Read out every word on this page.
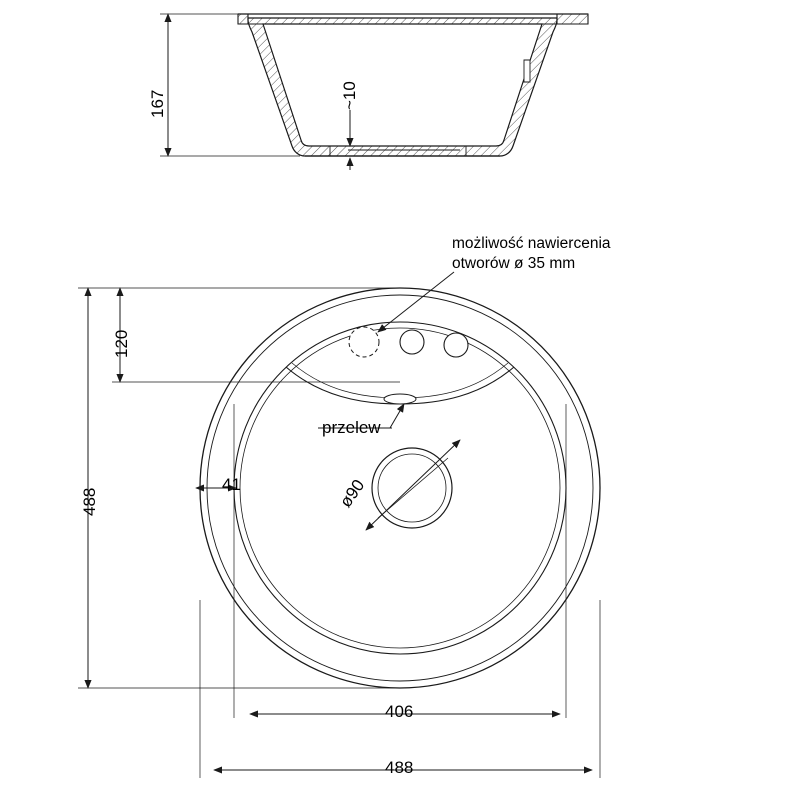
167	~10
możliwość nawiercenia
otworów ø 35 mm
120
488
41
przelew
ø90
406
488
